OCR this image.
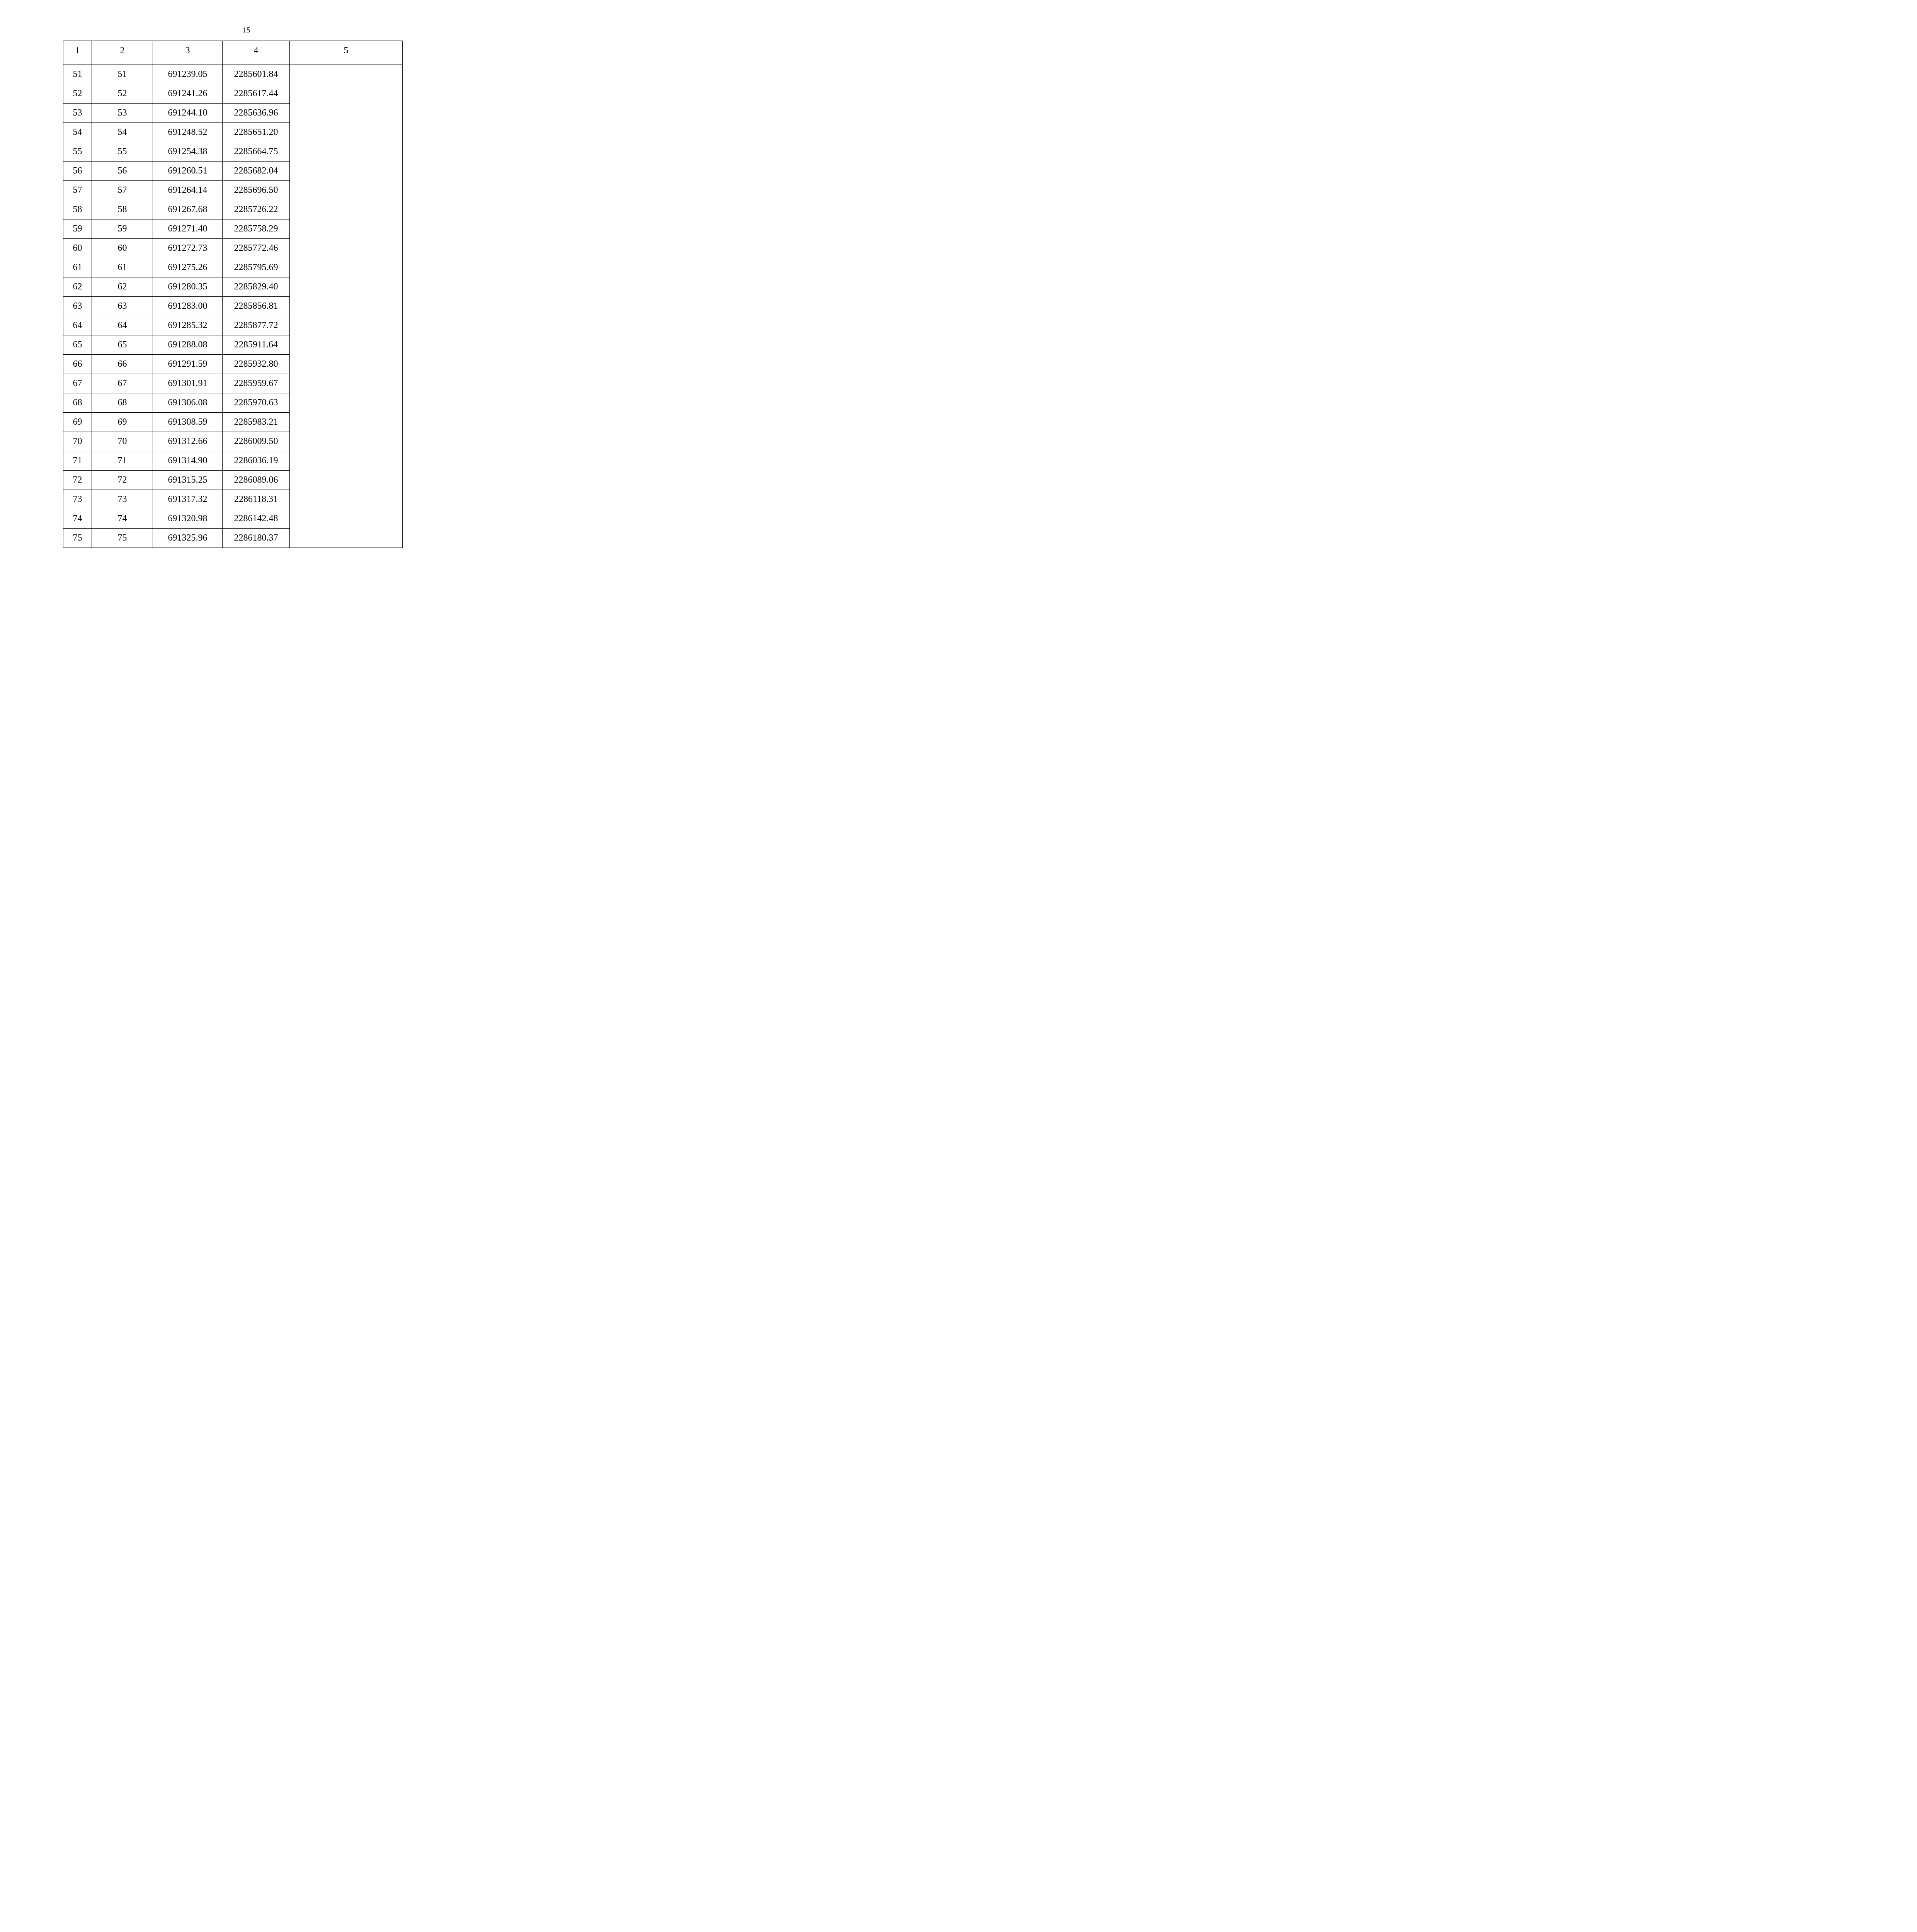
15
1	2	3	4	5
51	51	691239.05	2285601.84	
52	52	691241.26	2285617.44	
53	53	691244.10	2285636.96	
54	54	691248.52	2285651.20	
55	55	691254.38	2285664.75	
56	56	691260.51	2285682.04	
57	57	691264.14	2285696.50	
58	58	691267.68	2285726.22	
59	59	691271.40	2285758.29	
60	60	691272.73	2285772.46	
61	61	691275.26	2285795.69	
62	62	691280.35	2285829.40	
63	63	691283.00	2285856.81	
64	64	691285.32	2285877.72	
65	65	691288.08	2285911.64	
66	66	691291.59	2285932.80	
67	67	691301.91	2285959.67	
68	68	691306.08	2285970.63	
69	69	691308.59	2285983.21	
70	70	691312.66	2286009.50	
71	71	691314.90	2286036.19	
72	72	691315.25	2286089.06	
73	73	691317.32	2286118.31	
74	74	691320.98	2286142.48	
75	75	691325.96	2286180.37	
